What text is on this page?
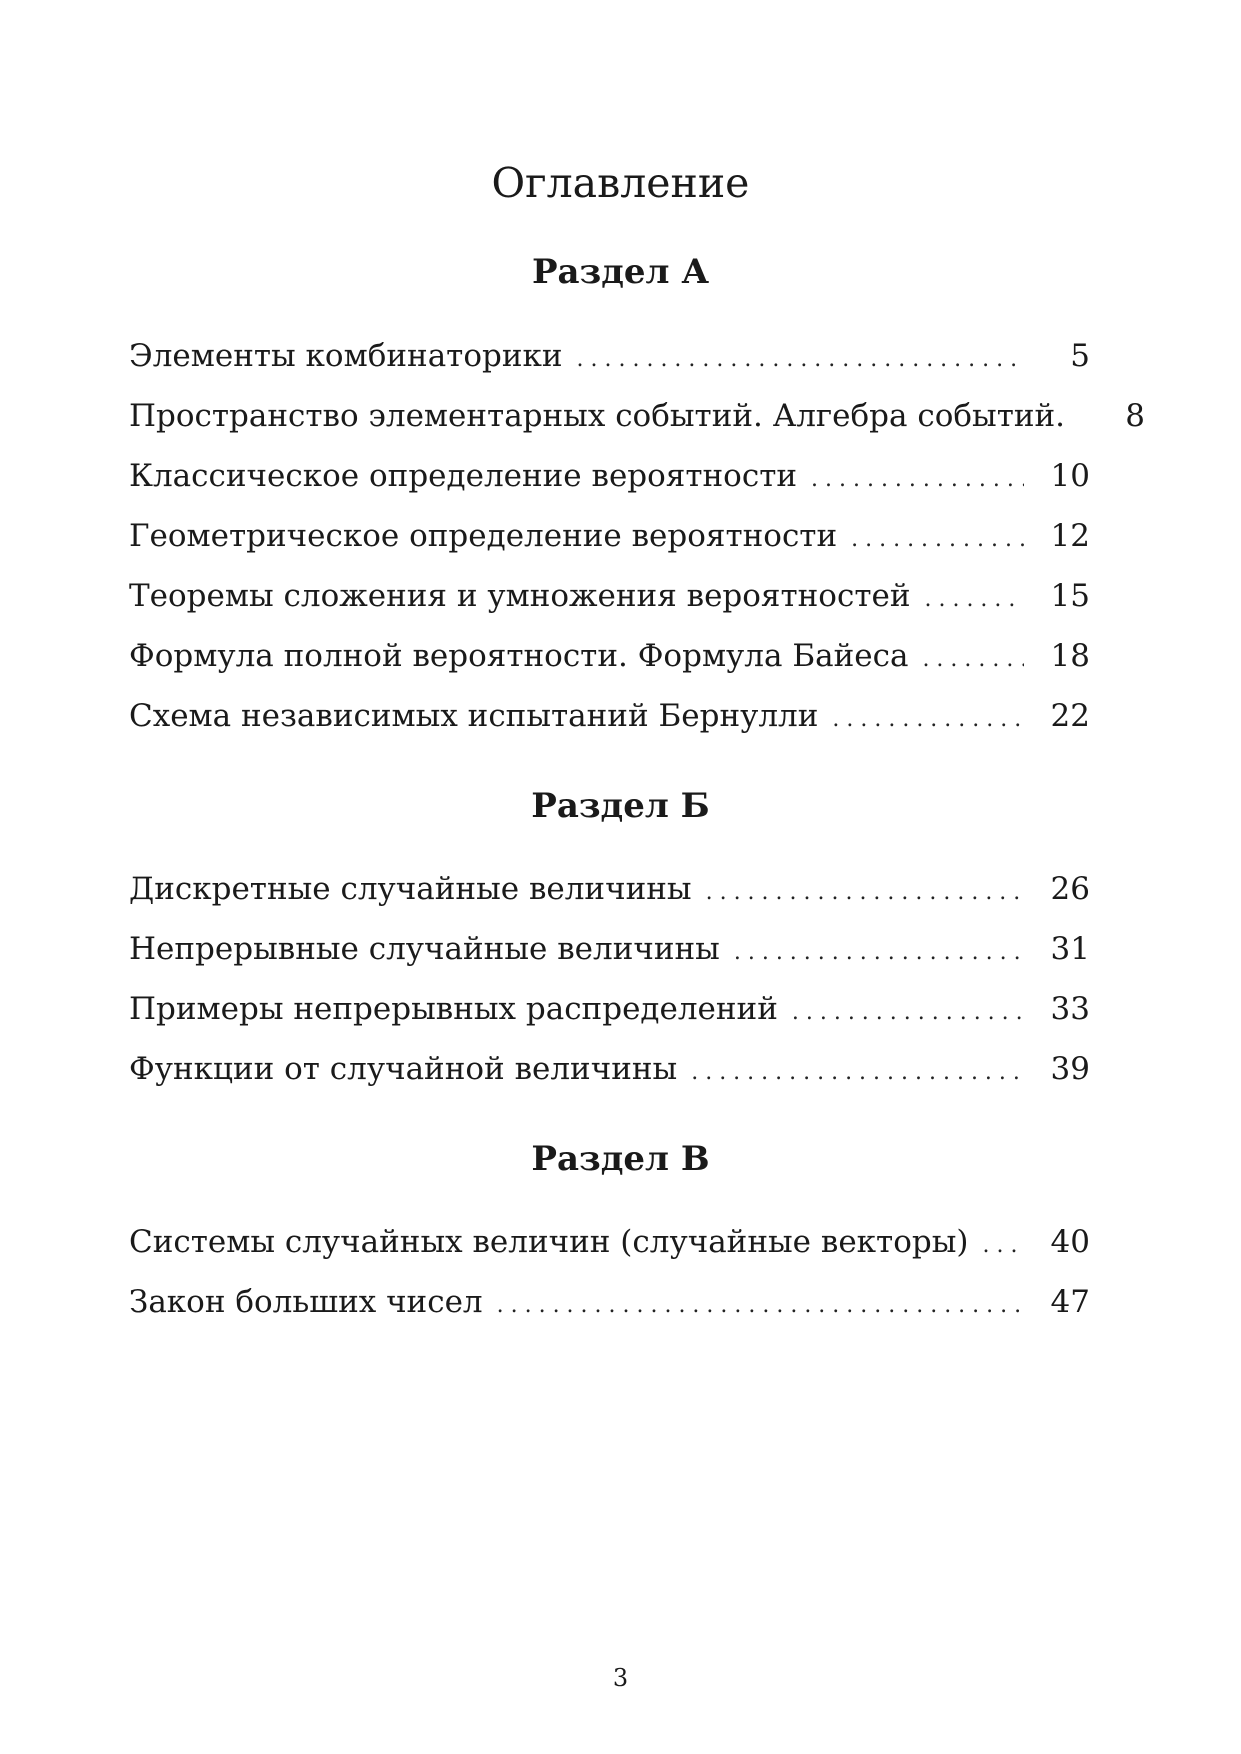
Оглавление
Раздел А
Элементы комбинаторики . . .	5
Пространство элементарных событий. Алгебра событий.	8
Классическое определение вероятности . . .	10
Геометрическое определение вероятности . . .	12
Теоремы сложения и умножения вероятностей . . .	15
Формула полной вероятности. Формула Байеса . . .	18
Схема независимых испытаний Бернулли . . .	22
Раздел Б
Дискретные случайные величины . . .	26
Непрерывные случайные величины . . .	31
Примеры непрерывных распределений . . .	33
Функции от случайной величины . . .	39
Раздел В
Системы случайных величин (случайные векторы) . . .	40
Закон больших чисел . . .	47
3
